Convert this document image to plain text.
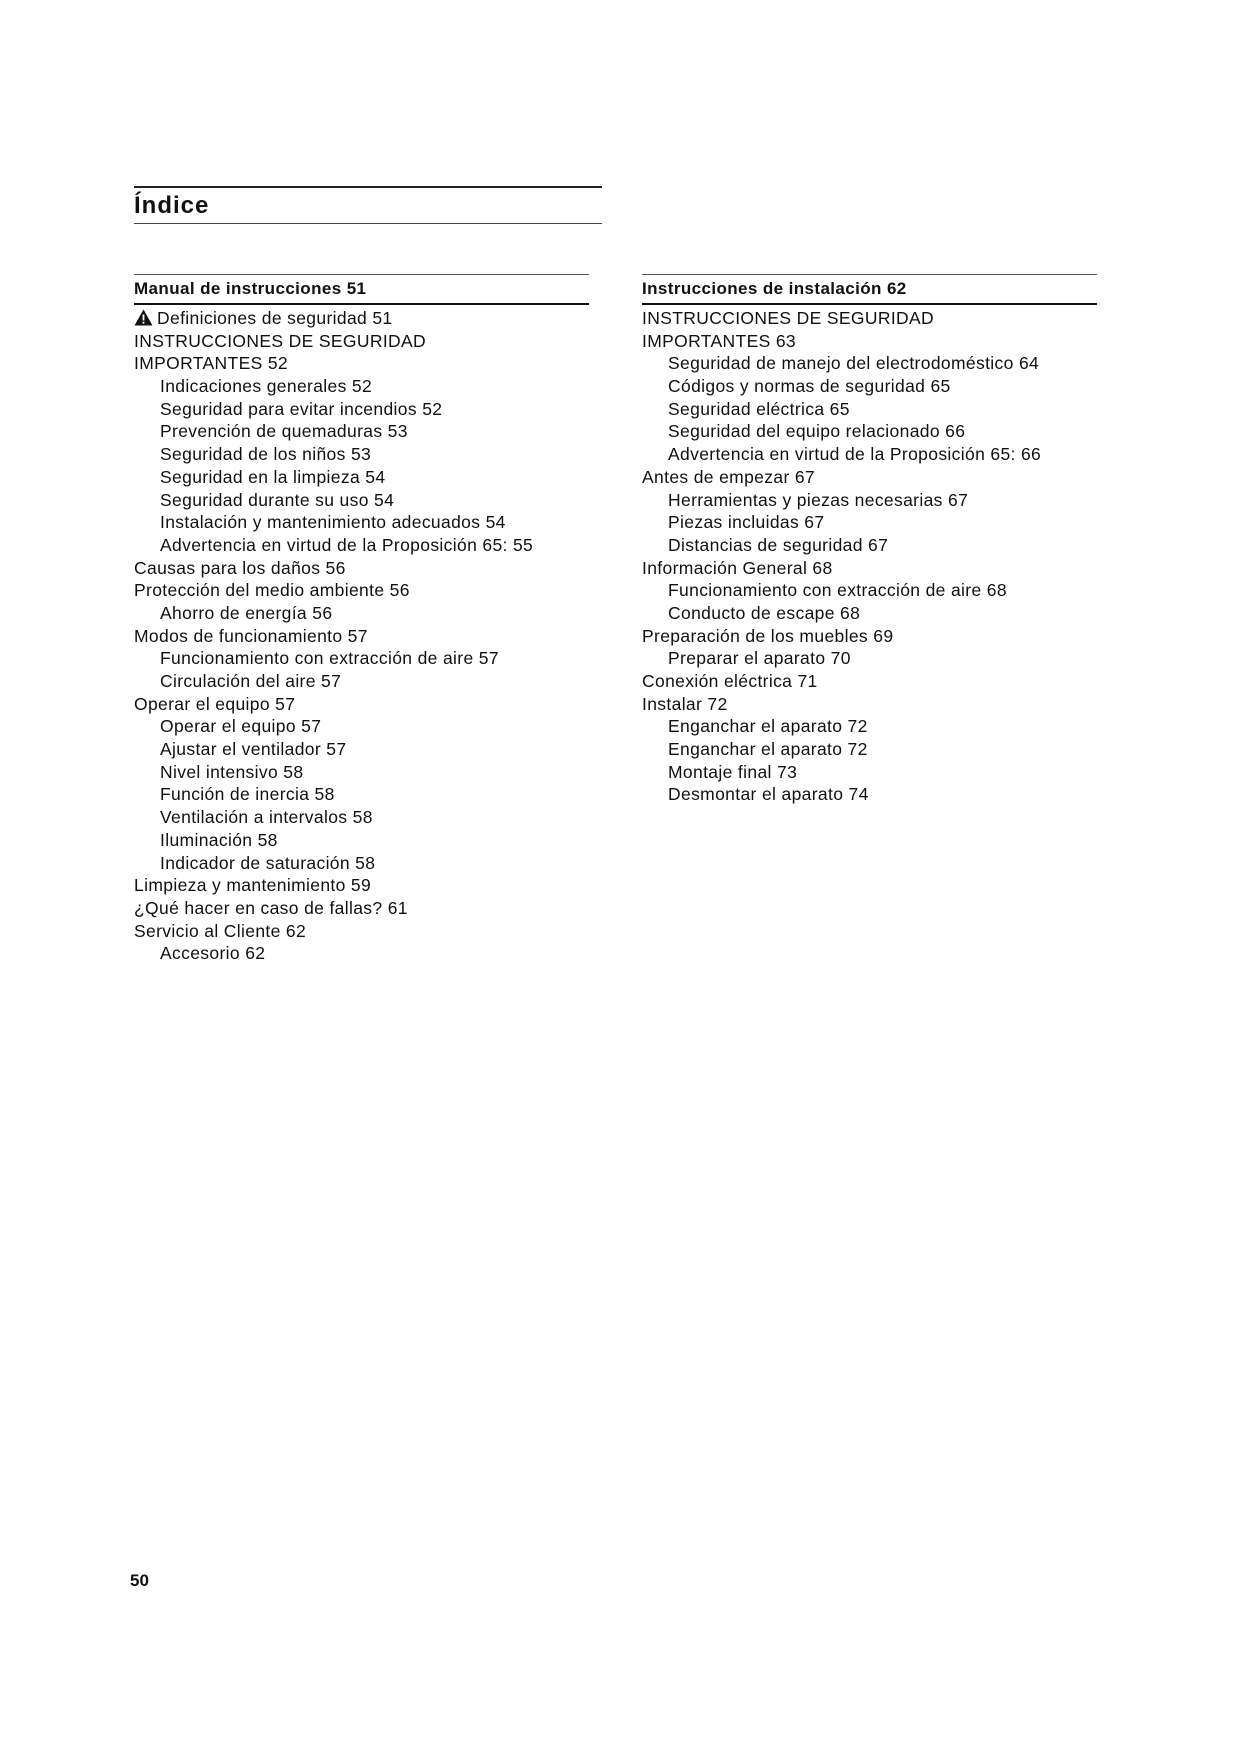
Índice
Manual de instrucciones 51
Definiciones de seguridad 51
INSTRUCCIONES DE SEGURIDAD
IMPORTANTES 52
Indicaciones generales 52
Seguridad para evitar incendios 52
Prevención de quemaduras 53
Seguridad de los niños 53
Seguridad en la limpieza 54
Seguridad durante su uso 54
Instalación y mantenimiento adecuados 54
Advertencia en virtud de la Proposición 65: 55
Causas para los daños 56
Protección del medio ambiente 56
Ahorro de energía 56
Modos de funcionamiento 57
Funcionamiento con extracción de aire 57
Circulación del aire 57
Operar el equipo 57
Operar el equipo 57
Ajustar el ventilador 57
Nivel intensivo 58
Función de inercia 58
Ventilación a intervalos 58
Iluminación 58
Indicador de saturación 58
Limpieza y mantenimiento 59
¿Qué hacer en caso de fallas? 61
Servicio al Cliente 62
Accesorio 62
Instrucciones de instalación 62
INSTRUCCIONES DE SEGURIDAD
IMPORTANTES 63
Seguridad de manejo del electrodoméstico 64
Códigos y normas de seguridad 65
Seguridad eléctrica 65
Seguridad del equipo relacionado 66
Advertencia en virtud de la Proposición 65: 66
Antes de empezar 67
Herramientas y piezas necesarias 67
Piezas incluidas 67
Distancias de seguridad 67
Información General 68
Funcionamiento con extracción de aire 68
Conducto de escape 68
Preparación de los muebles 69
Preparar el aparato 70
Conexión eléctrica 71
Instalar 72
Enganchar el aparato 72
Enganchar el aparato 72
Montaje final 73
Desmontar el aparato 74
50
